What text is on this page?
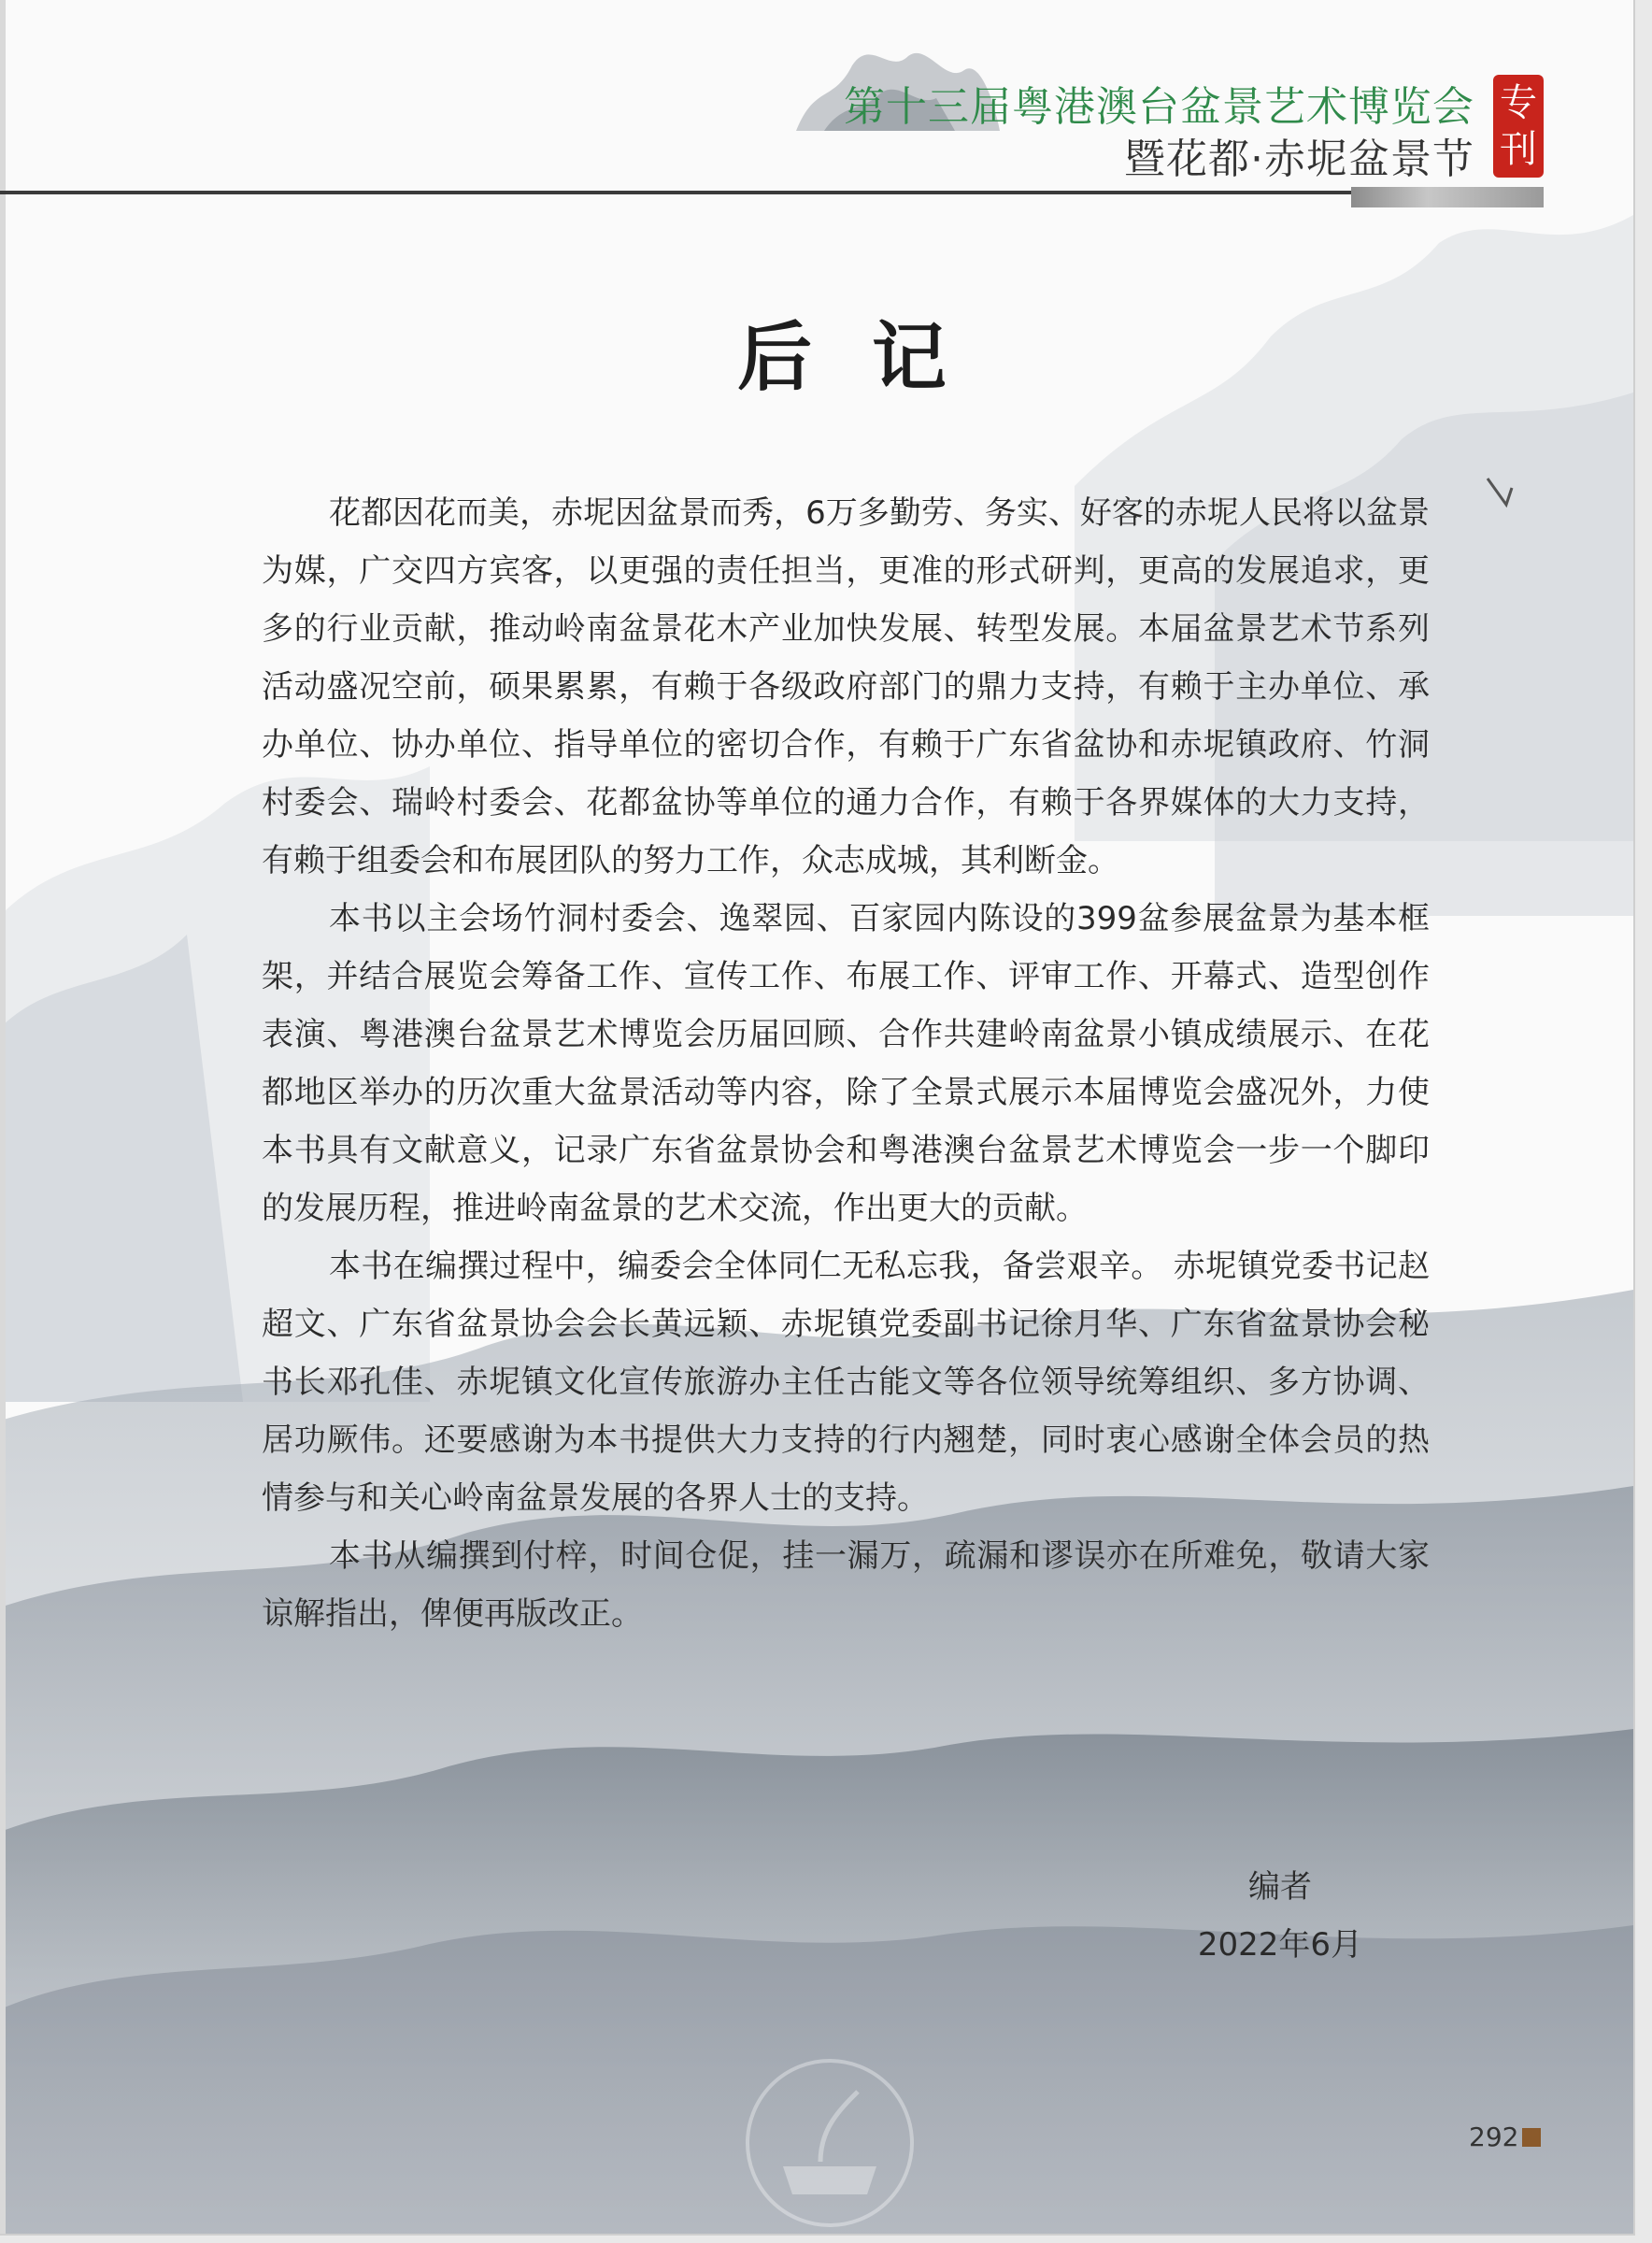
第十三届粤港澳台盆景艺术博览会
暨花都·赤坭盆景节
专
刊
后 记

花都因花而美，赤坭因盆景而秀，6万多勤劳、务实、好客的赤坭人民将以盆景为媒，广交四方宾客，以更强的责任担当，更准的形式研判，更高的发展追求，更多的行业贡献，推动岭南盆景花木产业加快发展、转型发展。本届盆景艺术节系列活动盛况空前，硕果累累，有赖于各级政府部门的鼎力支持，有赖于主办单位、承办单位、协办单位、指导单位的密切合作，有赖于广东省盆协和赤坭镇政府、竹洞村委会、瑞岭村委会、花都盆协等单位的通力合作，有赖于各界媒体的大力支持，有赖于组委会和布展团队的努力工作，众志成城，其利断金。

本书以主会场竹洞村委会、逸翠园、百家园内陈设的399盆参展盆景为基本框架，并结合展览会筹备工作、宣传工作、布展工作、评审工作、开幕式、造型创作表演、粤港澳台盆景艺术博览会历届回顾、合作共建岭南盆景小镇成绩展示、在花都地区举办的历次重大盆景活动等内容，除了全景式展示本届博览会盛况外，力使本书具有文献意义，记录广东省盆景协会和粤港澳台盆景艺术博览会一步一个脚印的发展历程，推进岭南盆景的艺术交流，作出更大的贡献。

本书在编撰过程中，编委会全体同仁无私忘我，备尝艰辛。 赤坭镇党委书记赵超文、广东省盆景协会会长黄远颖、赤坭镇党委副书记徐月华、广东省盆景协会秘书长邓孔佳、赤坭镇文化宣传旅游办主任古能文等各位领导统筹组织、多方协调、居功厥伟。还要感谢为本书提供大力支持的行内翘楚，同时衷心感谢全体会员的热情参与和关心岭南盆景发展的各界人士的支持。

本书从编撰到付梓，时间仓促，挂一漏万，疏漏和谬误亦在所难免，敬请大家谅解指出，俾便再版改正。

编者
2022年6月
292
